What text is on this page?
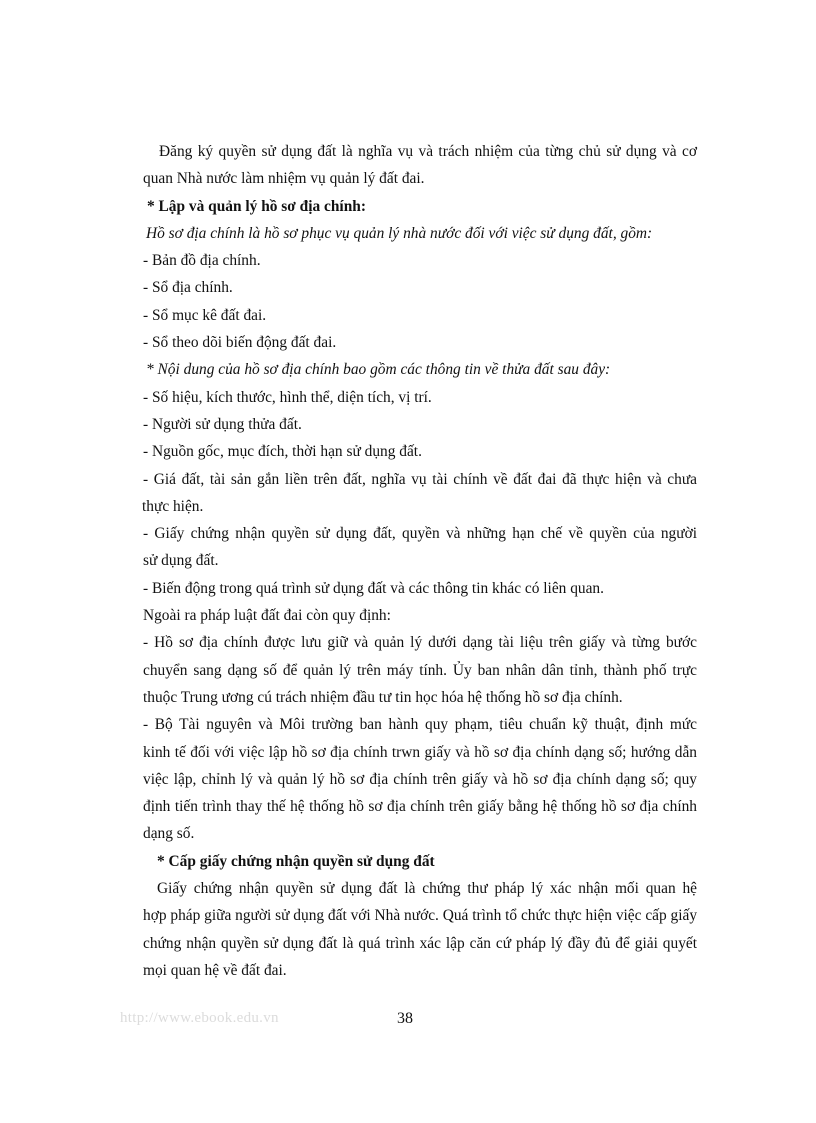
Đăng ký quyền sử dụng đất là nghĩa vụ và trách nhiệm của từng chủ sử dụng và cơ
quan Nhà nước làm nhiệm vụ quản lý đất đai.
* Lập và quản lý hồ sơ địa chính:
Hồ sơ địa chính là hồ sơ phục vụ quản lý nhà nước đối với việc sử dụng đất, gồm:
- Bản đồ địa chính.
- Sổ địa chính.
- Sổ mục kê đất đai.
- Sổ theo dõi biến động đất đai.
* Nội dung của hồ sơ địa chính bao gồm các thông tin về thửa đất sau đây:
- Số hiệu, kích thước, hình thể, diện tích, vị trí.
- Người sử dụng thửa đất.
- Nguồn gốc, mục đích, thời hạn sử dụng đất.
- Giá đất, tài sản gắn liền trên đất, nghĩa vụ tài chính về đất đai đã thực hiện và chưa
thực hiện.
- Giấy chứng nhận quyền sử dụng đất, quyền và những hạn chế về quyền của người
sử dụng đất.
- Biến động trong quá trình sử dụng đất và các thông tin khác có liên quan.
Ngoài ra pháp luật đất đai còn quy định:
- Hồ sơ địa chính được lưu giữ và quản lý dưới dạng tài liệu trên giấy và từng bước
chuyển sang dạng số để quản lý trên máy tính. Ủy ban nhân dân tỉnh, thành phố trực
thuộc Trung ương cú trách nhiệm đầu tư tin học hóa hệ thống hồ sơ địa chính.
- Bộ Tài nguyên và Môi trường ban hành quy phạm, tiêu chuẩn kỹ thuật, định mức
kinh tế đối với việc lập hồ sơ địa chính trwn giấy và hồ sơ địa chính dạng số; hướng dẫn
việc lập, chỉnh lý và quản lý hồ sơ địa chính trên giấy và hồ sơ địa chính dạng số; quy
định tiến trình thay thế hệ thống hồ sơ địa chính trên giấy bằng hệ thống hồ sơ địa chính
dạng số.
* Cấp giấy chứng nhận quyền sử dụng đất
Giấy chứng nhận quyền sử dụng đất là chứng thư pháp lý xác nhận mối quan hệ
hợp pháp giữa người sử dụng đất với Nhà nước. Quá trình tổ chức thực hiện việc cấp giấy
chứng nhận quyền sử dụng đất là quá trình xác lập căn cứ pháp lý đầy đủ để giải quyết
mọi quan hệ về đất đai.
http://www.ebook.edu.vn	38
